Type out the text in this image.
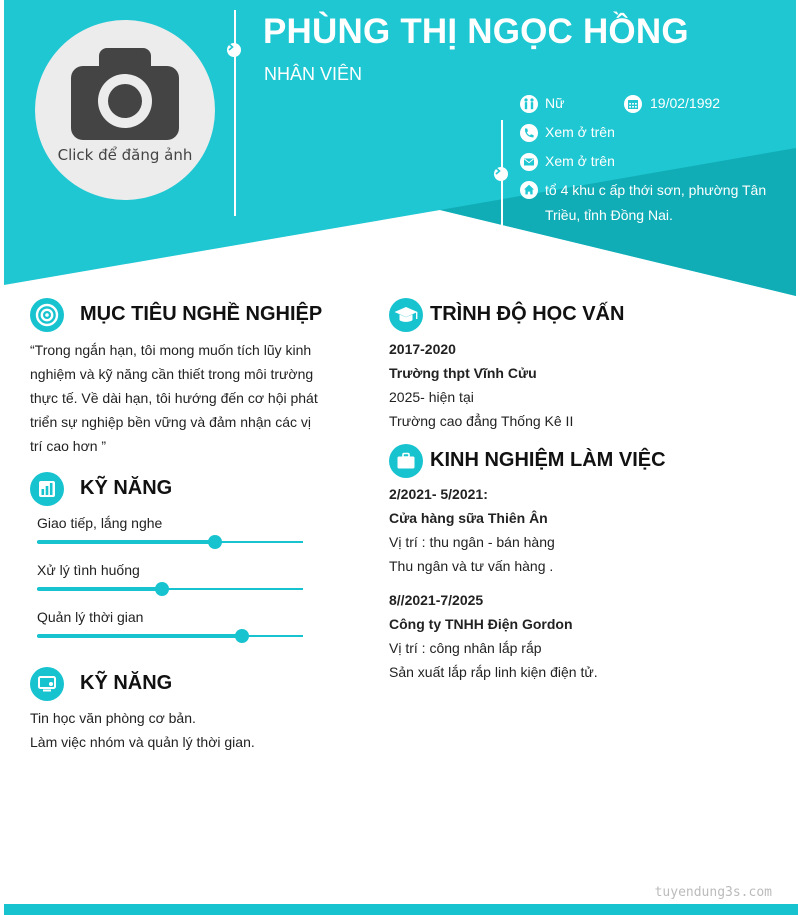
Click để đăng ảnh
PHÙNG THỊ NGỌC HỒNG
NHÂN VIÊN
Nữ	19/02/1992
Xem ở trên
Xem ở trên
tổ 4 khu c ấp thới sơn, phường Tân
Triều, tỉnh Đồng Nai.
MỤC TIÊU NGHỀ NGHIỆP
“Trong ngắn hạn, tôi mong muốn tích lũy kinh
nghiệm và kỹ năng cần thiết trong môi trường
thực tế. Về dài hạn, tôi hướng đến cơ hội phát
triển sự nghiệp bền vững và đảm nhận các vị
trí cao hơn ”
KỸ NĂNG
Giao tiếp, lắng nghe
Xử lý tình huống
Quản lý thời gian
KỸ NĂNG
Tin học văn phòng cơ bản.
Làm việc nhóm và quản lý thời gian.
TRÌNH ĐỘ HỌC VẤN
2017-2020
Trường thpt Vĩnh Cửu
2025- hiện tại
Trường cao đẳng Thống Kê II
KINH NGHIỆM LÀM VIỆC
2/2021- 5/2021:
Cửa hàng sữa Thiên Ân
Vị trí : thu ngân - bán hàng
Thu ngân và tư vấn hàng .
8//2021-7/2025
Công ty TNHH Điện Gordon
Vị trí : công nhân lắp rắp
Sản xuất lắp rắp linh kiện điện tử.
tuyendung3s.com
